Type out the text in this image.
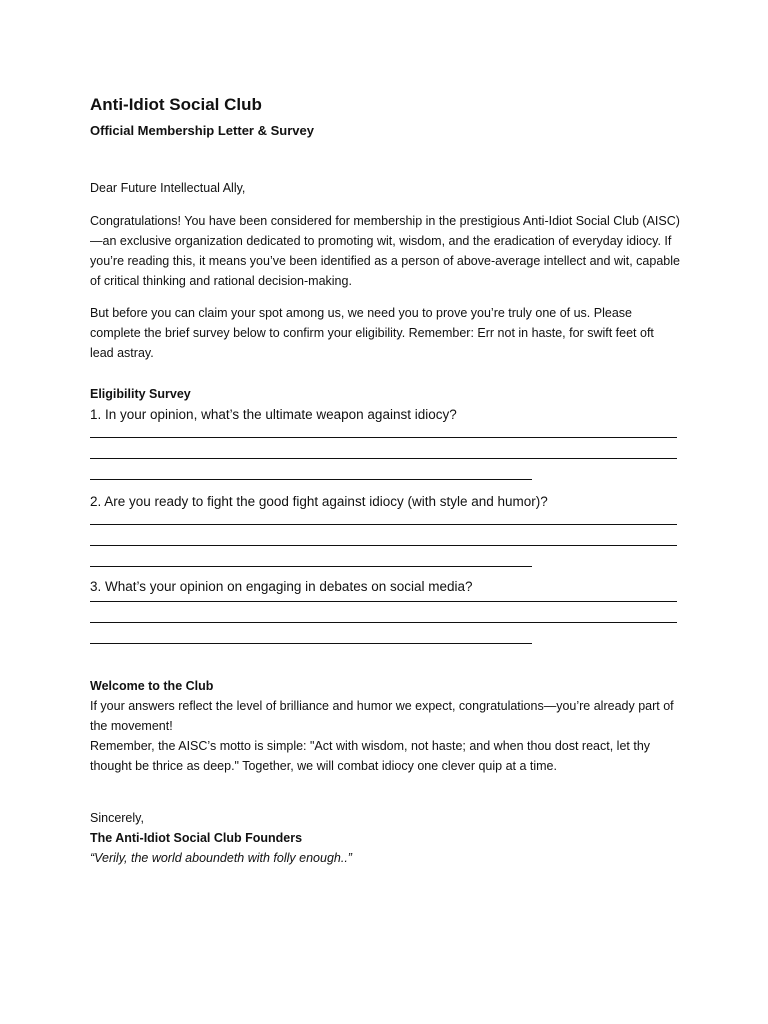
Anti-Idiot Social Club
Official Membership Letter & Survey

Dear Future Intellectual Ally,

Congratulations! You have been considered for membership in the prestigious Anti-Idiot Social Club (AISC)—an exclusive organization dedicated to promoting wit, wisdom, and the eradication of everyday idiocy. If you’re reading this, it means you’ve been identified as a person of above-average intellect and wit, capable of critical thinking and rational decision-making.

But before you can claim your spot among us, we need you to prove you’re truly one of us. Please complete the brief survey below to confirm your eligibility. Remember: Err not in haste, for swift feet oft lead astray.

Eligibility Survey

1. In your opinion, what’s the ultimate weapon against idiocy?

2. Are you ready to fight the good fight against idiocy (with style and humor)?

3. What’s your opinion on engaging in debates on social media?

Welcome to the Club

If your answers reflect the level of brilliance and humor we expect, congratulations—you’re already part of the movement!

Remember, the AISC’s motto is simple: "Act with wisdom, not haste; and when thou dost react, let thy thought be thrice as deep." Together, we will combat idiocy one clever quip at a time.

Sincerely,

The Anti-Idiot Social Club Founders

“Verily, the world aboundeth with folly enough..”
